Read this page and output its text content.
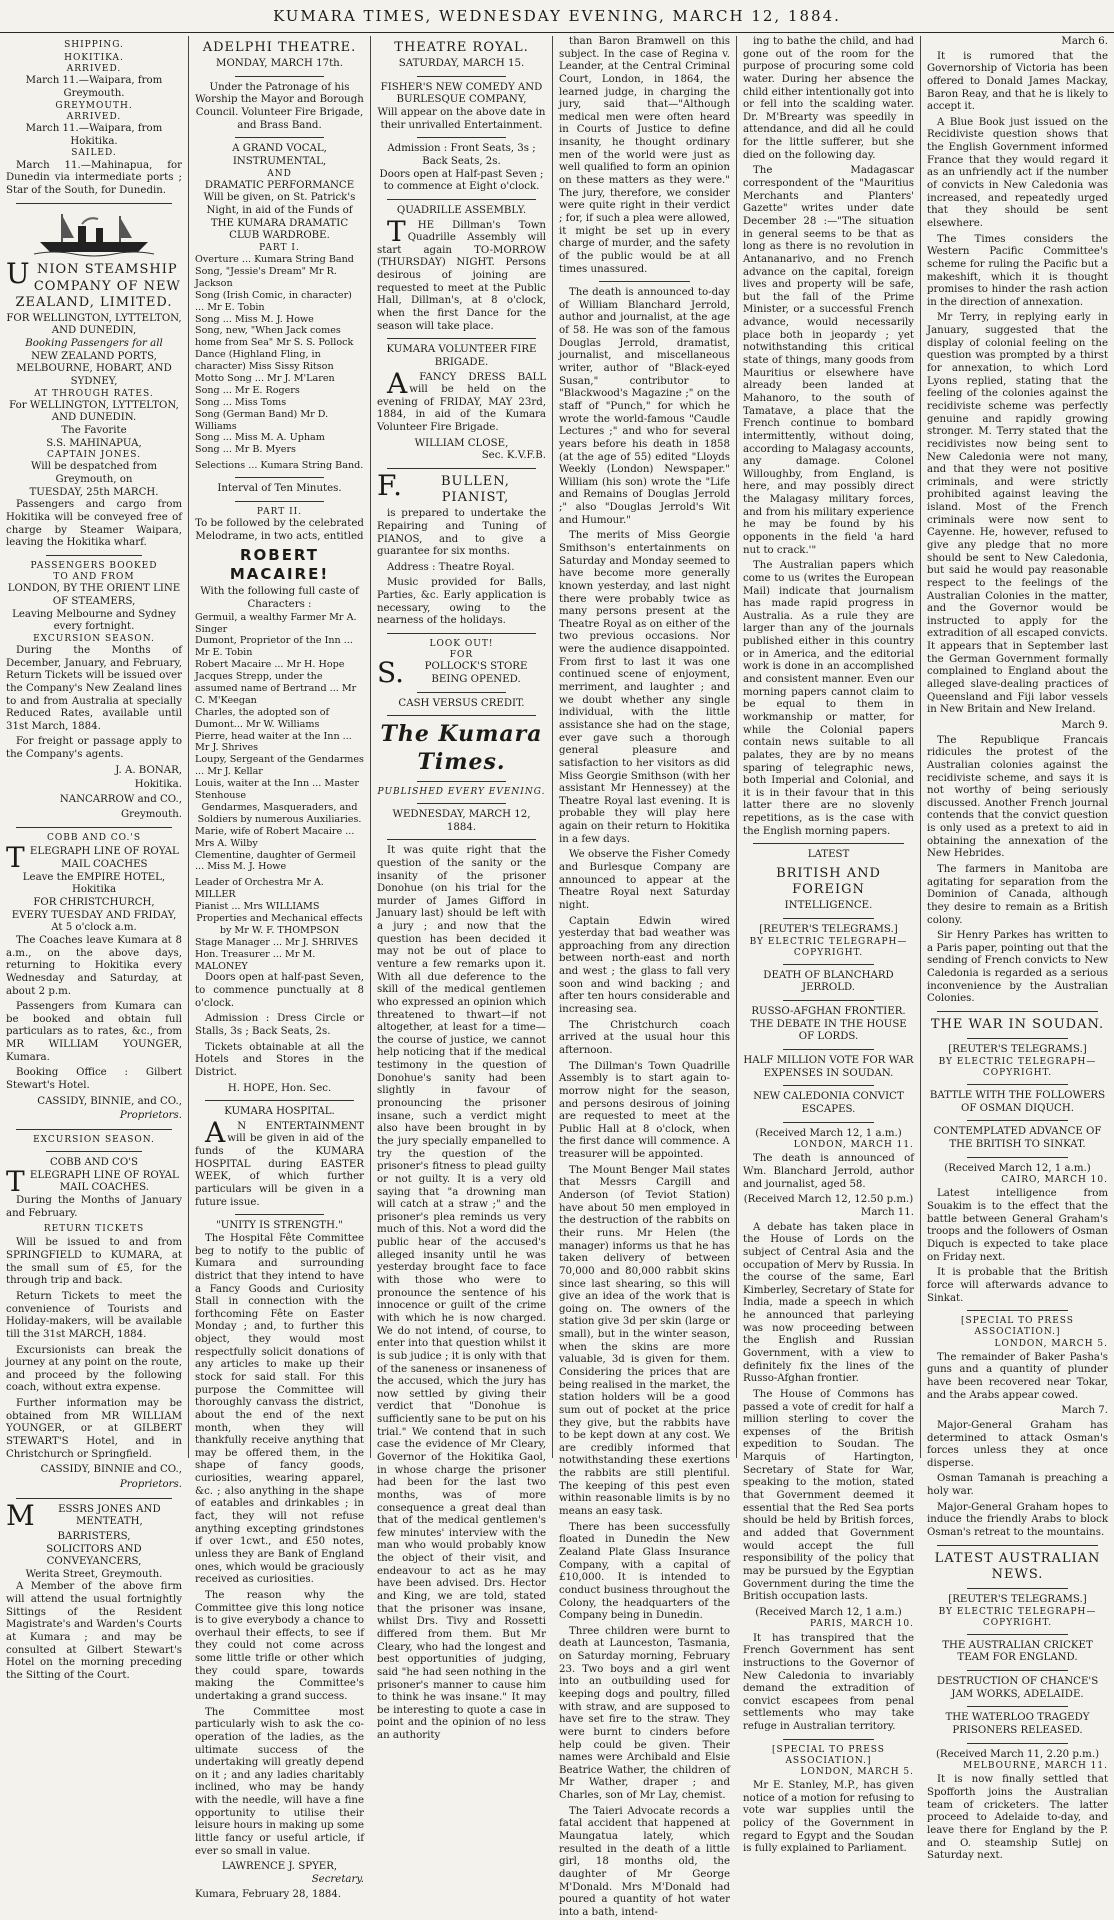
KUMARA TIMES, WEDNESDAY EVENING, MARCH 12, 1884.
SHIPPING.
HOKITIKA.
ARRIVED.
March 11.—Waipara, from Greymouth.
GREYMOUTH.
ARRIVED.
March 11.—Waipara, from Hokitika.
SAILED.
March 11.—Mahinapua, for Dunedin via intermediate ports ; Star of the South, for Dunedin.
UNION STEAMSHIP COMPANY OF NEW ZEALAND, LIMITED.
FOR WELLINGTON, LYTTELTON, AND DUNEDIN,
Booking Passengers for all
NEW ZEALAND PORTS, MELBOURNE, HOBART, AND SYDNEY,
AT THROUGH RATES.
For WELLINGTON, LYTTELTON, AND DUNEDIN.
The Favorite
S.S. MAHINAPUA,
CAPTAIN JONES.
Will be despatched from Greymouth, on
TUESDAY, 25th MARCH.
Passengers and cargo from Hokitika will be conveyed free of charge by Steamer Waipara, leaving the Hokitika wharf.
PASSENGERS BOOKED
TO AND FROM
LONDON, BY THE ORIENT LINE OF STEAMERS,
Leaving Melbourne and Sydney every fortnight.
EXCURSION SEASON.
During the Months of December, January, and February, Return Tickets will be issued over the Company's New Zealand lines to and from Australia at specially Reduced Rates, available until 31st March, 1884.
For freight or passage apply to the Company's agents.
J. A. BONAR,
Hokitika.
NANCARROW and CO.,
Greymouth.
COBB AND CO.'S
TELEGRAPH LINE OF ROYAL MAIL COACHES
Leave the EMPIRE HOTEL, Hokitika
FOR CHRISTCHURCH,
EVERY TUESDAY AND FRIDAY,
At 5 o'clock a.m.
The Coaches leave Kumara at 8 a.m., on the above days, returning to Hokitika every Wednesday and Saturday, at about 2 p.m.
Passengers from Kumara can be booked and obtain full particulars as to rates, &c., from MR WILLIAM YOUNGER, Kumara.
Booking Office : Gilbert Stewart's Hotel.
CASSIDY, BINNIE, and CO.,
Proprietors.
EXCURSION SEASON.
COBB AND CO'S
TELEGRAPH LINE OF ROYAL MAIL COACHES.
During the Months of January and February.
RETURN TICKETS
Will be issued to and from SPRINGFIELD to KUMARA, at the small sum of £5, for the through trip and back.
Return Tickets to meet the convenience of Tourists and Holiday-makers, will be available till the 31st MARCH, 1884.
Excursionists can break the journey at any point on the route, and proceed by the following coach, without extra expense.
Further information may be obtained from MR WILLIAM YOUNGER, or at GILBERT STEWART'S Hotel, and in Christchurch or Springfield.
CASSIDY, BINNIE and CO.,
Proprietors.
MESSRS JONES AND MENTEATH,
BARRISTERS,
SOLICITORS AND CONVEYANCERS,
Werita Street, Greymouth.
A Member of the above firm will attend the usual fortnightly Sittings of the Resident Magistrate's and Warden's Courts at Kumara ; and may be consulted at Gilbert Stewart's Hotel on the morning preceding the Sitting of the Court.
ADELPHI THEATRE.
MONDAY, MARCH 17th.
Under the Patronage of his Worship the Mayor and Borough Council. Volunteer Fire Brigade, and Brass Band.
A GRAND VOCAL, INSTRUMENTAL,
AND
DRAMATIC PERFORMANCE
Will be given, on St. Patrick's Night, in aid of the Funds of
THE KUMARA DRAMATIC CLUB WARDROBE.
PART I.
Overture ... Kumara String Band
Song, "Jessie's Dream" Mr R. Jackson
Song (Irish Comic, in character) ... Mr E. Tobin
Song ... Miss M. J. Howe
Song, new, "When Jack comes home from Sea" Mr S. S. Pollock
Dance (Highland Fling, in character) Miss Sissy Ritson
Motto Song ... Mr J. M'Laren
Song ... Mr E. Rogers
Song ... Miss Toms
Song (German Band) Mr D. Williams
Song ... Miss M. A. Upham
Song ... Mr B. Myers
Selections ... Kumara String Band.
Interval of Ten Minutes.
PART II.
To be followed by the celebrated Melodrame, in two acts, entitled
ROBERT MACAIRE!
With the following full caste of Characters :
Germuil, a wealthy Farmer Mr A. Singer
Dumont, Proprietor of the Inn ... Mr E. Tobin
Robert Macaire ... Mr H. Hope
Jacques Strepp, under the assumed name of Bertrand ... Mr C. M'Keegan
Charles, the adopted son of Dumont... Mr W. Williams
Pierre, head waiter at the Inn ... Mr J. Shrives
Loupy, Sergeant of the Gendarmes ... Mr J. Kellar
Louis, waiter at the Inn ... Master Stenhouse
Gendarmes, Masqueraders, and Soldiers by numerous Auxiliaries.
Marie, wife of Robert Macaire ... Mrs A. Wilby
Clementine, daughter of Germeil ... Miss M. J. Howe
Leader of Orchestra Mr A. MILLER
Pianist ... Mrs WILLIAMS
Properties and Mechanical effects by Mr W. F. THOMPSON
Stage Manager ... Mr J. SHRIVES
Hon. Treasurer ... Mr M. MALONEY
Doors open at half-past Seven, to commence punctually at 8 o'clock.
Admission : Dress Circle or Stalls, 3s ; Back Seats, 2s.
Tickets obtainable at all the Hotels and Stores in the District.
H. HOPE, Hon. Sec.
KUMARA HOSPITAL.
AN ENTERTAINMENT will be given in aid of the funds of the KUMARA HOSPITAL during EASTER WEEK, of which further particulars will be given in a future issue.
"UNITY IS STRENGTH."
The Hospital Fête Committee beg to notify to the public of Kumara and surrounding district that they intend to have a Fancy Goods and Curiosity Stall in connection with the forthcoming Fête on Easter Monday ; and, to further this object, they would most respectfully solicit donations of any articles to make up their stock for said stall. For this purpose the Committee will thoroughly canvass the district, about the end of the next month, when they will thankfully receive anything that may be offered them, in the shape of fancy goods, curiosities, wearing apparel, &c. ; also anything in the shape of eatables and drinkables ; in fact, they will not refuse anything excepting grindstones if over 1cwt., and £50 notes, unless they are Bank of England ones, which would be graciously received as curiosities.
The reason why the Committee give this long notice is to give everybody a chance to overhaul their effects, to see if they could not come across some little trifle or other which they could spare, towards making the Committee's undertaking a grand success.
The Committee most particularly wish to ask the co-operation of the ladies, as the ultimate success of the undertaking will greatly depend on it ; and any ladies charitably inclined, who may be handy with the needle, will have a fine opportunity to utilise their leisure hours in making up some little fancy or useful article, if ever so small in value.
LAWRENCE J. SPYER,
Secretary.
Kumara, February 28, 1884.
THEATRE ROYAL.
SATURDAY, MARCH 15.
FISHER'S NEW COMEDY AND BURLESQUE COMPANY,
Will appear on the above date in their unrivalled Entertainment.
Admission : Front Seats, 3s ; Back Seats, 2s.
Doors open at Half-past Seven ; to commence at Eight o'clock.
QUADRILLE ASSEMBLY.
THE Dillman's Town Quadrille Assembly will start again TO-MORROW (THURSDAY) NIGHT. Persons desirous of joining are requested to meet at the Public Hall, Dillman's, at 8 o'clock, when the first Dance for the season will take place.
KUMARA VOLUNTEER FIRE BRIGADE.
AFANCY DRESS BALL will be held on the evening of FRIDAY, MAY 23rd, 1884, in aid of the Kumara Volunteer Fire Brigade.
WILLIAM CLOSE,
Sec. K.V.F.B.
F.BULLEN, PIANIST,
is prepared to undertake the Repairing and Tuning of PIANOS, and to give a guarantee for six months.
Address : Theatre Royal.
Music provided for Balls, Parties, &c. Early application is necessary, owing to the nearness of the holidays.
LOOK OUT!
FOR
S.POLLOCK'S STORE BEING OPENED.
CASH VERSUS CREDIT.
The Kumara Times.
PUBLISHED EVERY EVENING.
WEDNESDAY, MARCH 12, 1884.
It was quite right that the question of the sanity or the insanity of the prisoner Donohue (on his trial for the murder of James Gifford in January last) should be left with a jury ; and now that the question has been decided it may not be out of place to venture a few remarks upon it. With all due deference to the skill of the medical gentlemen who expressed an opinion which threatened to thwart—if not altogether, at least for a time—the course of justice, we cannot help noticing that if the medical testimony in the question of Donohue's sanity had been slightly in favour of pronouncing the prisoner insane, such a verdict might also have been brought in by the jury specially empanelled to try the question of the prisoner's fitness to plead guilty or not guilty. It is a very old saying that "a drowning man will catch at a straw ;" and the prisoner's plea reminds us very much of this. Not a word did the public hear of the accused's alleged insanity until he was yesterday brought face to face with those who were to pronounce the sentence of his innocence or guilt of the crime with which he is now charged. We do not intend, of course, to enter into that question whilst it is sub judice ; it is only with that of the saneness or insaneness of the accused, which the jury has now settled by giving their verdict that "Donohue is sufficiently sane to be put on his trial." We contend that in such case the evidence of Mr Cleary, Governor of the Hokitika Gaol, in whose charge the prisoner had been for the last two months, was of more consequence a great deal than that of the medical gentlemen's few minutes' interview with the man who would probably know the object of their visit, and endeavour to act as he may have been advised. Drs. Hector and King, we are told, stated that the prisoner was insane, whilst Drs. Tivy and Rossetti differed from them. But Mr Cleary, who had the longest and best opportunities of judging, said "he had seen nothing in the prisoner's manner to cause him to think he was insane." It may be interesting to quote a case in point and the opinion of no less an authority
than Baron Bramwell on this subject. In the case of Regina v. Leander, at the Central Criminal Court, London, in 1864, the learned judge, in charging the jury, said that—"Although medical men were often heard in Courts of Justice to define insanity, he thought ordinary men of the world were just as well qualified to form an opinion on these matters as they were." The jury, therefore, we consider were quite right in their verdict ; for, if such a plea were allowed, it might be set up in every charge of murder, and the safety of the public would be at all times unassured.
The death is announced to-day of William Blanchard Jerrold, author and journalist, at the age of 58. He was son of the famous Douglas Jerrold, dramatist, journalist, and miscellaneous writer, author of "Black-eyed Susan," contributor to "Blackwood's Magazine ;" on the staff of "Punch," for which he wrote the world-famous "Caudle Lectures ;" and who for several years before his death in 1858 (at the age of 55) edited "Lloyds Weekly (London) Newspaper." William (his son) wrote the "Life and Remains of Douglas Jerrold ;" also "Douglas Jerrold's Wit and Humour."
The merits of Miss Georgie Smithson's entertainments on Saturday and Monday seemed to have become more generally known yesterday, and last night there were probably twice as many persons present at the Theatre Royal as on either of the two previous occasions. Nor were the audience disappointed. From first to last it was one continued scene of enjoyment, merriment, and laughter ; and we doubt whether any single individual, with the little assistance she had on the stage, ever gave such a thorough general pleasure and satisfaction to her visitors as did Miss Georgie Smithson (with her assistant Mr Hennessey) at the Theatre Royal last evening. It is probable they will play here again on their return to Hokitika in a few days.
We observe the Fisher Comedy and Burlesque Company are announced to appear at the Theatre Royal next Saturday night.
Captain Edwin wired yesterday that bad weather was approaching from any direction between north-east and north and west ; the glass to fall very soon and wind backing ; and after ten hours considerable and increasing sea.
The Christchurch coach arrived at the usual hour this afternoon.
The Dillman's Town Quadrille Assembly is to start again to-morrow night for the season, and persons desirous of joining are requested to meet at the Public Hall at 8 o'clock, when the first dance will commence. A treasurer will be appointed.
The Mount Benger Mail states that Messrs Cargill and Anderson (of Teviot Station) have about 50 men employed in the destruction of the rabbits on their runs. Mr Helen (the manager) informs us that he has taken delivery of between 70,000 and 80,000 rabbit skins since last shearing, so this will give an idea of the work that is going on. The owners of the station give 3d per skin (large or small), but in the winter season, when the skins are more valuable, 3d is given for them. Considering the prices that are being realised in the market, the station holders will be a good sum out of pocket at the price they give, but the rabbits have to be kept down at any cost. We are credibly informed that notwithstanding these exertions the rabbits are still plentiful. The keeping of this pest even within reasonable limits is by no means an easy task.
There has been successfully floated in Dunedin the New Zealand Plate Glass Insurance Company, with a capital of £10,000. It is intended to conduct business throughout the Colony, the headquarters of the Company being in Dunedin.
Three children were burnt to death at Launceston, Tasmania, on Saturday morning, February 23. Two boys and a girl went into an outbuilding used for keeping dogs and poultry, filled with straw, and are supposed to have set fire to the straw. They were burnt to cinders before help could be given. Their names were Archibald and Elsie Beatrice Wather, the children of Mr Wather, draper ; and Charles, son of Mr Lay, chemist.
The Taieri Advocate records a fatal accident that happened at Maungatua lately, which resulted in the death of a little girl, 18 months old, the daughter of Mr George M'Donald. Mrs M'Donald had poured a quantity of hot water into a bath, intend-
ing to bathe the child, and had gone out of the room for the purpose of procuring some cold water. During her absence the child either intentionally got into or fell into the scalding water. Dr. M'Brearty was speedily in attendance, and did all he could for the little sufferer, but she died on the following day.
The Madagascar correspondent of the "Mauritius Merchants and Planters' Gazette" writes under date December 28 :—"The situation in general seems to be that as long as there is no revolution in Antananarivo, and no French advance on the capital, foreign lives and property will be safe, but the fall of the Prime Minister, or a successful French advance, would necessarily place both in jeopardy ; yet notwithstanding this critical state of things, many goods from Mauritius or elsewhere have already been landed at Mahanoro, to the south of Tamatave, a place that the French continue to bombard intermittently, without doing, according to Malagasy accounts, any damage. Colonel Willoughby, from England, is here, and may possibly direct the Malagasy military forces, and from his military experience he may be found by his opponents in the field 'a hard nut to crack.'"
The Australian papers which come to us (writes the European Mail) indicate that journalism has made rapid progress in Australia. As a rule they are larger than any of the journals published either in this country or in America, and the editorial work is done in an accomplished and consistent manner. Even our morning papers cannot claim to be equal to them in workmanship or matter, for while the Colonial papers contain news suitable to all palates, they are by no means sparing of telegraphic news, both Imperial and Colonial, and it is in their favour that in this latter there are no slovenly repetitions, as is the case with the English morning papers.
LATEST
BRITISH AND FOREIGN
INTELLIGENCE.
[REUTER'S TELEGRAMS.]
BY ELECTRIC TELEGRAPH—COPYRIGHT.
DEATH OF BLANCHARD JERROLD.
RUSSO-AFGHAN FRONTIER.
THE DEBATE IN THE HOUSE OF LORDS.
HALF MILLION VOTE FOR WAR EXPENSES IN SOUDAN.
NEW CALEDONIA CONVICT ESCAPES.
(Received March 12, 1 a.m.)
LONDON, MARCH 11.
The death is announced of Wm. Blanchard Jerrold, author and journalist, aged 58.
(Received March 12, 12.50 p.m.)
March 11.
A debate has taken place in the House of Lords on the subject of Central Asia and the occupation of Merv by Russia. In the course of the same, Earl Kimberley, Secretary of State for India, made a speech in which he announced that parleying was now proceeding between the English and Russian Government, with a view to definitely fix the lines of the Russo-Afghan frontier.
The House of Commons has passed a vote of credit for half a million sterling to cover the expenses of the British expedition to Soudan. The Marquis of Hartington, Secretary of State for War, speaking to the motion, stated that Government deemed it essential that the Red Sea ports should be held by British forces, and added that Government would accept the full responsibility of the policy that may be pursued by the Egyptian Government during the time the British occupation lasts.
(Received March 12, 1 a.m.)
PARIS, MARCH 10.
It has transpired that the French Government has sent instructions to the Governor of New Caledonia to invariably demand the extradition of convict escapees from penal settlements who may take refuge in Australian territory.
[SPECIAL TO PRESS ASSOCIATION.]
LONDON, MARCH 5.
Mr E. Stanley, M.P., has given notice of a motion for refusing to vote war supplies until the policy of the Government in regard to Egypt and the Soudan is fully explained to Parliament.
March 6.
It is rumored that the Governorship of Victoria has been offered to Donald James Mackay, Baron Reay, and that he is likely to accept it.
A Blue Book just issued on the Recidiviste question shows that the English Government informed France that they would regard it as an unfriendly act if the number of convicts in New Caledonia was increased, and repeatedly urged that they should be sent elsewhere.
The Times considers the Western Pacific Committee's scheme for ruling the Pacific but a makeshift, which it is thought promises to hinder the rash action in the direction of annexation.
Mr Terry, in replying early in January, suggested that the display of colonial feeling on the question was prompted by a thirst for annexation, to which Lord Lyons replied, stating that the feeling of the colonies against the recidiviste scheme was perfectly genuine and rapidly growing stronger. M. Terry stated that the recidivistes now being sent to New Caledonia were not many, and that they were not positive criminals, and were strictly prohibited against leaving the island. Most of the French criminals were now sent to Cayenne. He, however, refused to give any pledge that no more should be sent to New Caledonia, but said he would pay reasonable respect to the feelings of the Australian Colonies in the matter, and the Governor would be instructed to apply for the extradition of all escaped convicts. It appears that in September last the German Government formally complained to England about the alleged slave-dealing practices of Queensland and Fiji labor vessels in New Britain and New Ireland.
March 9.
The Republique Francais ridicules the protest of the Australian colonies against the recidiviste scheme, and says it is not worthy of being seriously discussed. Another French journal contends that the convict question is only used as a pretext to aid in obtaining the annexation of the New Hebrides.
The farmers in Manitoba are agitating for separation from the Dominion of Canada, although they desire to remain as a British colony.
Sir Henry Parkes has written to a Paris paper, pointing out that the sending of French convicts to New Caledonia is regarded as a serious inconvenience by the Australian Colonies.
THE WAR IN SOUDAN.
[REUTER'S TELEGRAMS.]
BY ELECTRIC TELEGRAPH—COPYRIGHT.
BATTLE WITH THE FOLLOWERS OF OSMAN DIQUCH.
CONTEMPLATED ADVANCE OF THE BRITISH TO SINKAT.
(Received March 12, 1 a.m.)
CAIRO, MARCH 10.
Latest intelligence from Souakim is to the effect that the battle between General Graham's troops and the followers of Osman Diquch is expected to take place on Friday next.
It is probable that the British force will afterwards advance to Sinkat.
[SPECIAL TO PRESS ASSOCIATION.]
LONDON, MARCH 5.
The remainder of Baker Pasha's guns and a quantity of plunder have been recovered near Tokar, and the Arabs appear cowed.
March 7.
Major-General Graham has determined to attack Osman's forces unless they at once disperse.
Osman Tamanah is preaching a holy war.
Major-General Graham hopes to induce the friendly Arabs to block Osman's retreat to the mountains.
LATEST AUSTRALIAN NEWS.
[REUTER'S TELEGRAMS.]
BY ELECTRIC TELEGRAPH—COPYRIGHT.
THE AUSTRALIAN CRICKET TEAM FOR ENGLAND.
DESTRUCTION OF CHANCE'S JAM WORKS, ADELAIDE.
THE WATERLOO TRAGEDY PRISONERS RELEASED.
(Received March 11, 2.20 p.m.)
MELBOURNE, MARCH 11.
It is now finally settled that Spofforth joins the Australian team of cricketers. The latter proceed to Adelaide to-day, and leave there for England by the P. and O. steamship Sutlej on Saturday next.
